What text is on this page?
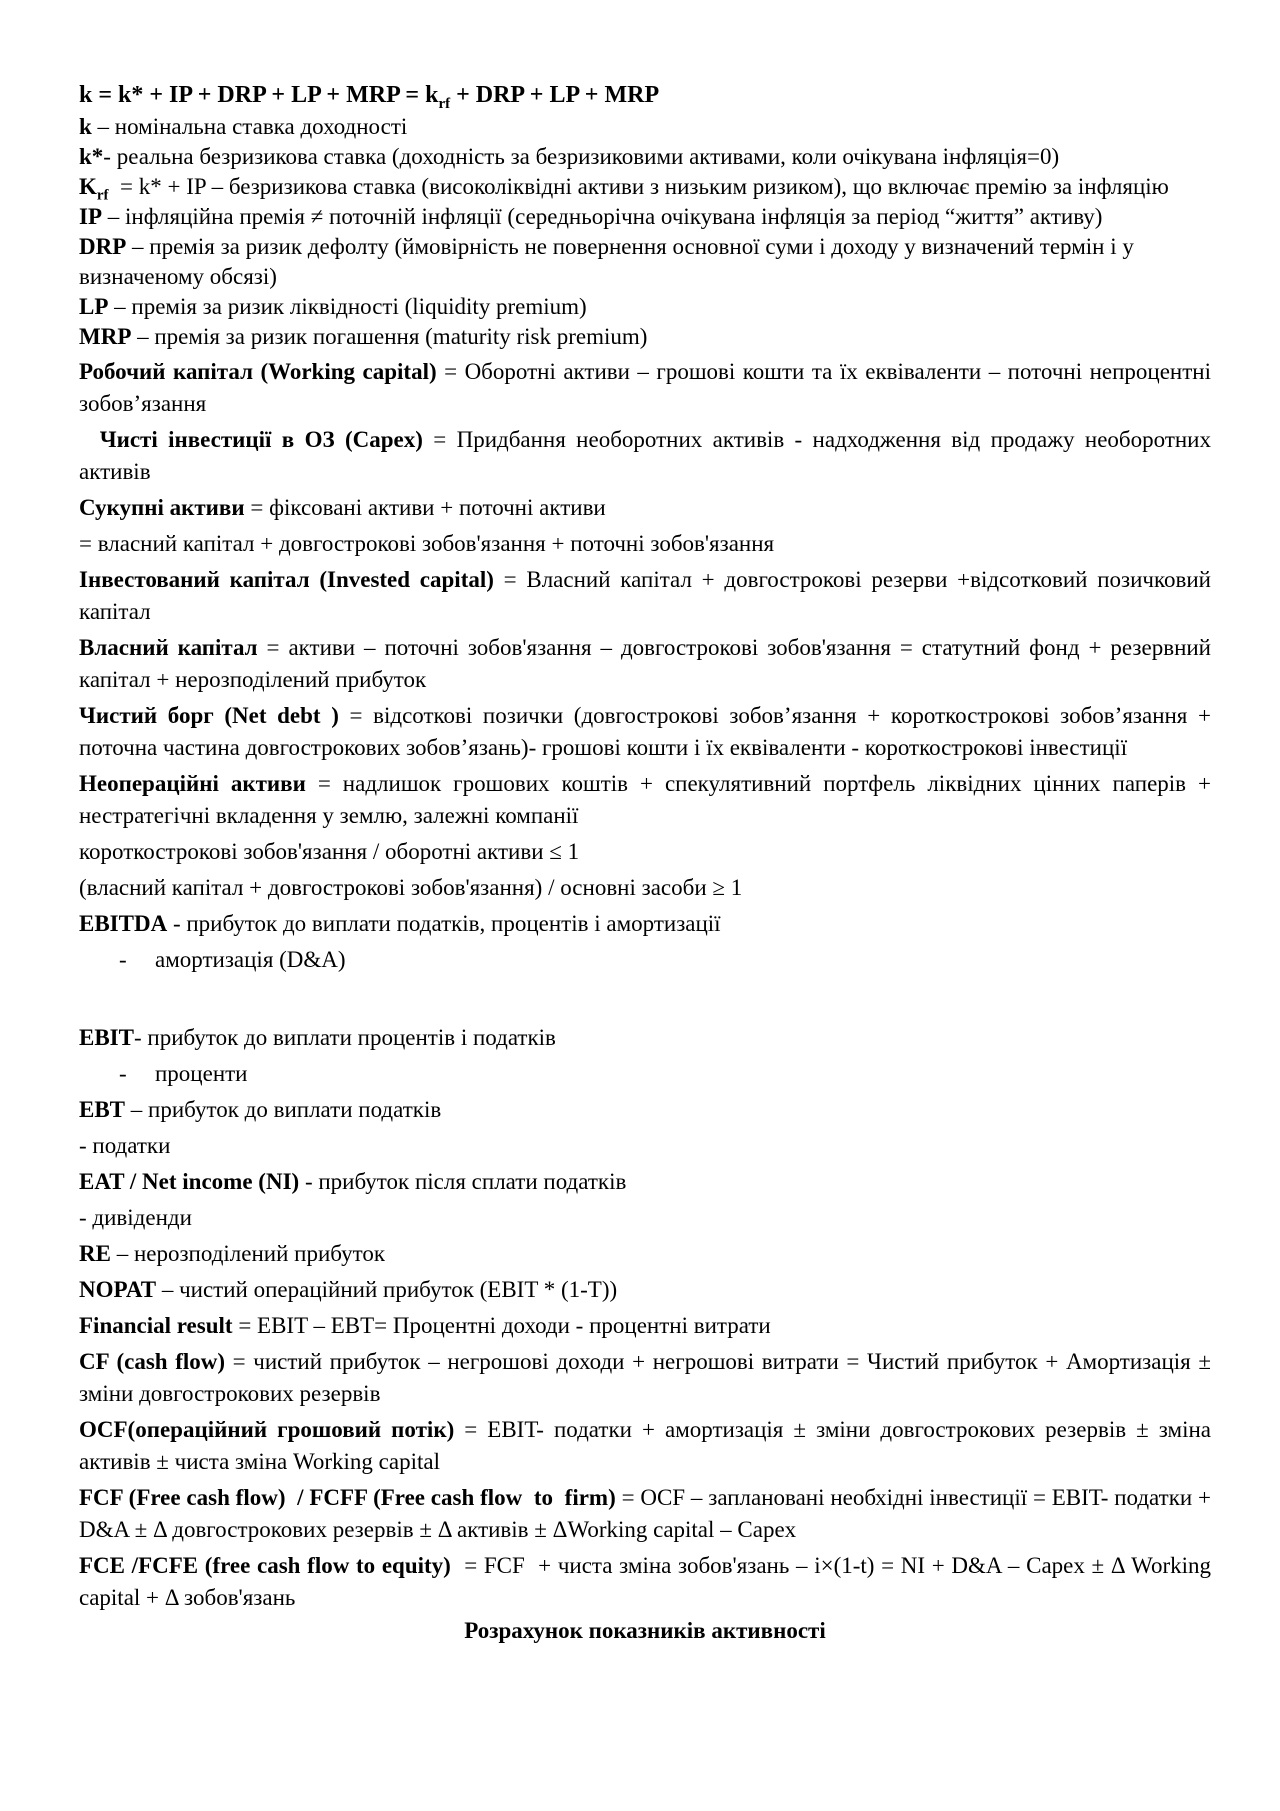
k = k* + IP + DRP + LP + MRP = $k_{rf}$ + DRP + LP + MRP

k – номінальна ставка доходності

k*- реальна безризикова ставка (доходність за безризиковими активами, коли очікувана інфляція=0)

$K_{rf} = k*$ + IP – безризикова ставка (високоліквідні активи з низьким ризиком), що включає премію за інфляцію

IP – інфляційна премія ≠ поточній інфляції (середньорічна очікувана інфляція за період “життя” активу)

DRP – премія за ризик дефолту (ймовірність не повернення основної суми і доходу у визначений термін і у визначеному обсязі)

LP – премія за ризик ліквідності (liquidity premium)

MRP – премія за ризик погашення (maturity risk premium)

Робочий капітал (Working capital) = Оборотні активи – грошові кошти та їх еквіваленти – поточні непроцентні зобов’язання

Чисті інвестиції в ОЗ (Capex) = Придбання необоротних активів - надходження від продажу необоротних активів

Сукупні активи = фіксовані активи + поточні активи

= власний капітал + довгострокові зобов'язання + поточні зобов'язання

Інвестований капітал (Invested capital) = Власний капітал + довгострокові резерви +відсотковий позичковий капітал

Власний капітал = активи – поточні зобов'язання – довгострокові зобов'язання = статутний фонд + резервний капітал + нерозподілений прибуток

Чистий борг (Net debt ) = відсоткові позички (довгострокові зобов’язання + короткострокові зобов’язання + поточна частина довгострокових зобов’язань)- грошові кошти і їх еквіваленти - короткострокові інвестиції

Неопераційні активи = надлишок грошових коштів + спекулятивний портфель ліквідних цінних паперів + нестратегічні вкладення у землю, залежні компанії

короткострокові зобов'язання / оборотні активи ≤ 1

(власний капітал + довгострокові зобов'язання) / основні засоби ≥ 1

EBITDA - прибуток до виплати податків, процентів і амортизації

- амортизація (D&A)

EBIT- прибуток до виплати процентів і податків

- проценти

EBT – прибуток до виплати податків

- податки

EAT / Net income (NI) - прибуток після сплати податків

- дивіденди

RE – нерозподілений прибуток

NOPAT – чистий операційний прибуток (EBIT * (1-T))

Financial result = EBIT – EBT= Процентні доходи - процентні витрати

CF (cash flow) = чистий прибуток – негрошові доходи + негрошові витрати = Чистий прибуток + Амортизація ± зміни довгострокових резервів

OCF(операційний грошовий потік) = EBIT- податки + амортизація ± зміни довгострокових резервів ± зміна активів ± чиста зміна Working capital

FCF (Free cash flow)  / FCFF (Free cash flow  to  firm) = OCF – заплановані необхідні інвестиції = EBIT- податки + D&A ± Δ довгострокових резервів ± Δ активів ± ΔWorking capital – Capex

FCE /FCFE (free cash flow to equity)  = FCF  + чиста зміна зобов'язань – i×(1-t) = NI + D&A – Capex ± Δ Working capital + Δ зобов'язань

Розрахунок показників активності
